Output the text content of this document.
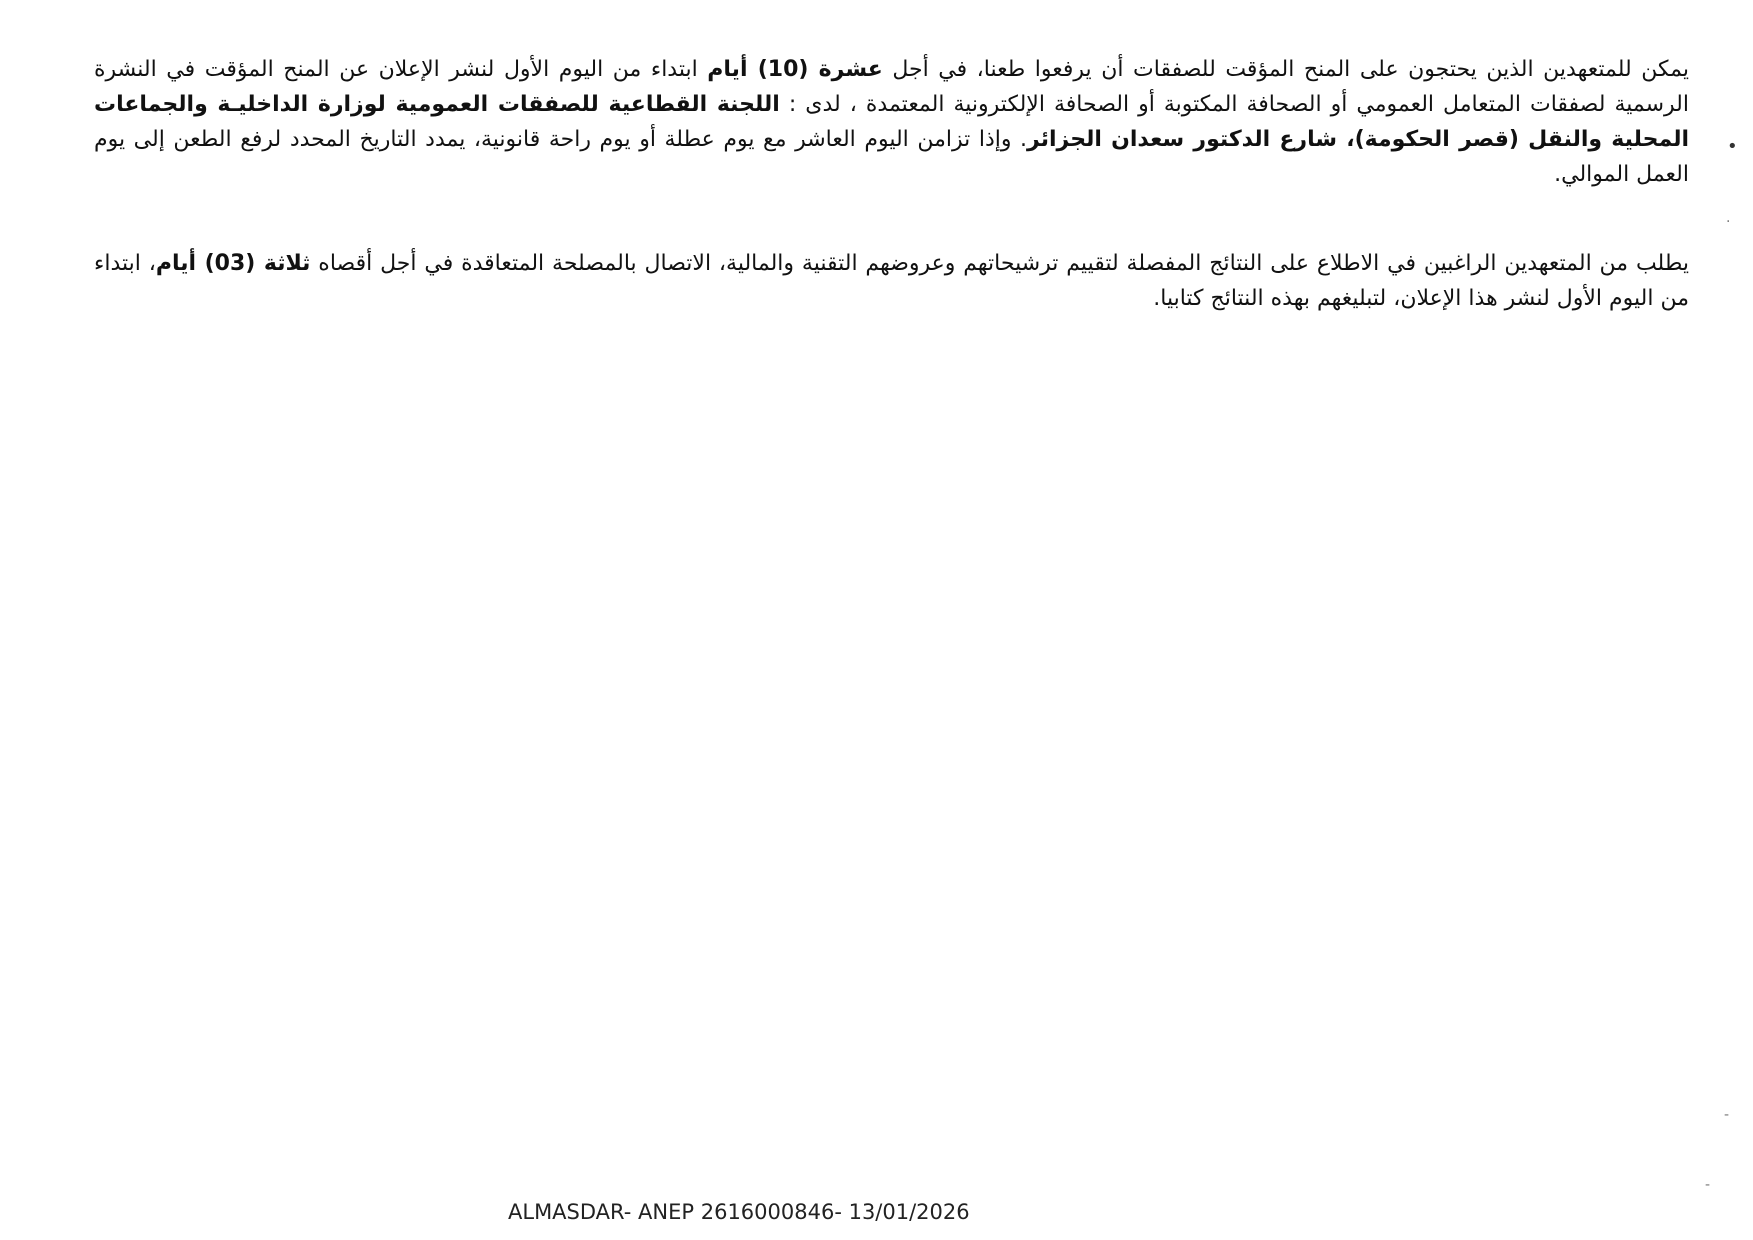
يمكن للمتعهدين الذين يحتجون على المنح المؤقت للصفقات أن يرفعوا طعنا، في أجل عشرة (10) أيام ابتداء من اليوم الأول لنشر الإعلان عن المنح المؤقت في النشرة الرسمية لصفقات المتعامل العمومي أو الصحافة المكتوبة أو الصحافة الإلكترونية المعتمدة ، لدى : اللجنة القطاعية للصفقات العمومية لوزارة الداخليـة والجماعات المحلية والنقل (قصر الحكومة)، شارع الدكتور سعدان الجزائر. وإذا تزامن اليوم العاشر مع يوم عطلة أو يوم راحة قانونية، يمدد التاريخ المحدد لرفع الطعن إلى يوم العمل الموالي.

يطلب من المتعهدين الراغبين في الاطلاع على النتائج المفصلة لتقييم ترشيحاتهم وعروضهم التقنية والمالية، الاتصال بالمصلحة المتعاقدة في أجل أقصاه ثلاثة (03) أيام، ابتداء من اليوم الأول لنشر هذا الإعلان، لتبليغهم بهذه النتائج كتابيا.

•
·
-
-
ALMASDAR- ANEP 2616000846- 13/01/2026
